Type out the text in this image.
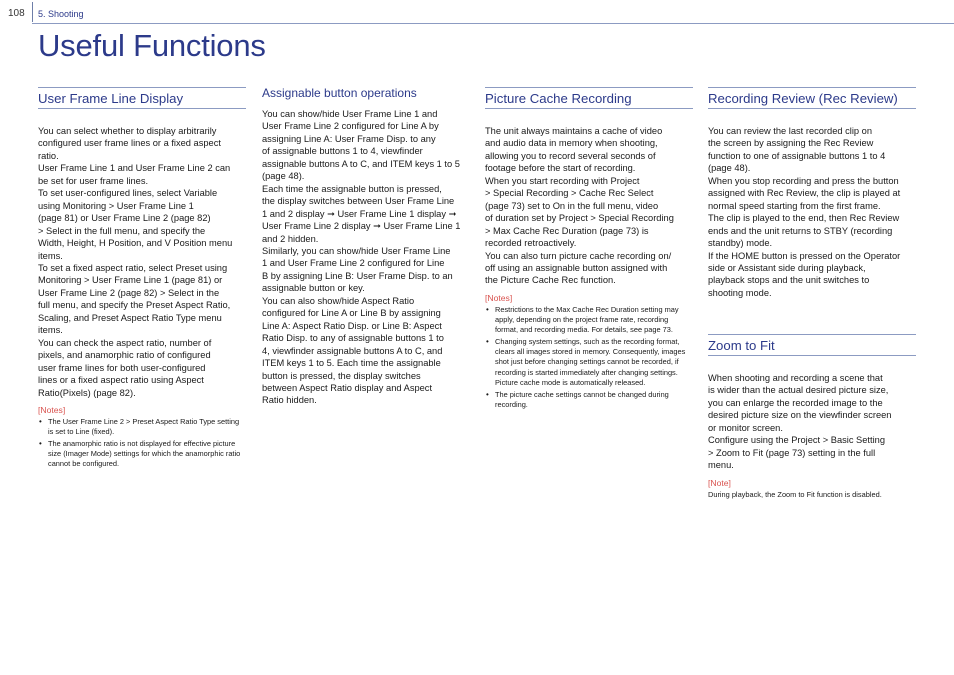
108 5. Shooting
Useful Functions
User Frame Line Display

You can select whether to display arbitrarily

configured user frame lines or a fixed aspect

ratio.

User Frame Line 1 and User Frame Line 2 can

be set for user frame lines.

To set user-configured lines, select Variable

using Monitoring > User Frame Line 1

(page 81) or User Frame Line 2 (page 82)

> Select in the full menu, and specify the

Width, Height, H Position, and V Position menu

items.

To set a fixed aspect ratio, select Preset using

Monitoring > User Frame Line 1 (page 81) or

User Frame Line 2 (page 82) > Select in the

full menu, and specify the Preset Aspect Ratio,

Scaling, and Preset Aspect Ratio Type menu

items.

You can check the aspect ratio, number of

pixels, and anamorphic ratio of configured

user frame lines for both user-configured

lines or a fixed aspect ratio using Aspect

Ratio(Pixels) (page 82).

[Notes]
• The User Frame Line 2 > Preset Aspect Ratio Type setting is set to Line (fixed).
• The anamorphic ratio is not displayed for effective picture size (Imager Mode) settings for which the anamorphic ratio cannot be configured.
Assignable button operations

You can show/hide User Frame Line 1 and

User Frame Line 2 configured for Line A by

assigning Line A: User Frame Disp. to any

of assignable buttons 1 to 4, viewfinder

assignable buttons A to C, and ITEM keys 1 to 5

(page 48).

Each time the assignable button is pressed,

the display switches between User Frame Line

1 and 2 display ➞ User Frame Line 1 display ➞

User Frame Line 2 display ➞ User Frame Line 1

and 2 hidden.

Similarly, you can show/hide User Frame Line

1 and User Frame Line 2 configured for Line

B by assigning Line B: User Frame Disp. to an

assignable button or key.

You can also show/hide Aspect Ratio

configured for Line A or Line B by assigning

Line A: Aspect Ratio Disp. or Line B: Aspect

Ratio Disp. to any of assignable buttons 1 to

4, viewfinder assignable buttons A to C, and

ITEM keys 1 to 5. Each time the assignable

button is pressed, the display switches

between Aspect Ratio display and Aspect

Ratio hidden.

Picture Cache Recording

The unit always maintains a cache of video

and audio data in memory when shooting,

allowing you to record several seconds of

footage before the start of recording.

When you start recording with Project

> Special Recording > Cache Rec Select

(page 73) set to On in the full menu, video

of duration set by Project > Special Recording

> Max Cache Rec Duration (page 73) is

recorded retroactively.

You can also turn picture cache recording on/

off using an assignable button assigned with

the Picture Cache Rec function.

[Notes]
• Restrictions to the Max Cache Rec Duration setting may apply, depending on the project frame rate, recording format, and recording media. For details, see page 73.
• Changing system settings, such as the recording format, clears all images stored in memory. Consequently, images shot just before changing settings cannot be recorded, if recording is started immediately after changing settings. Picture cache mode is automatically released.
• The picture cache settings cannot be changed during recording.
Recording Review (Rec Review)

You can review the last recorded clip on

the screen by assigning the Rec Review

function to one of assignable buttons 1 to 4

(page 48).

When you stop recording and press the button

assigned with Rec Review, the clip is played at

normal speed starting from the first frame.

The clip is played to the end, then Rec Review

ends and the unit returns to STBY (recording

standby) mode.

If the HOME button is pressed on the Operator

side or Assistant side during playback,

playback stops and the unit switches to

shooting mode.

Zoom to Fit

When shooting and recording a scene that

is wider than the actual desired picture size,

you can enlarge the recorded image to the

desired picture size on the viewfinder screen

or monitor screen.

Configure using the Project > Basic Setting

> Zoom to Fit (page 73) setting in the full

menu.

[Note]

During playback, the Zoom to Fit function is disabled.
